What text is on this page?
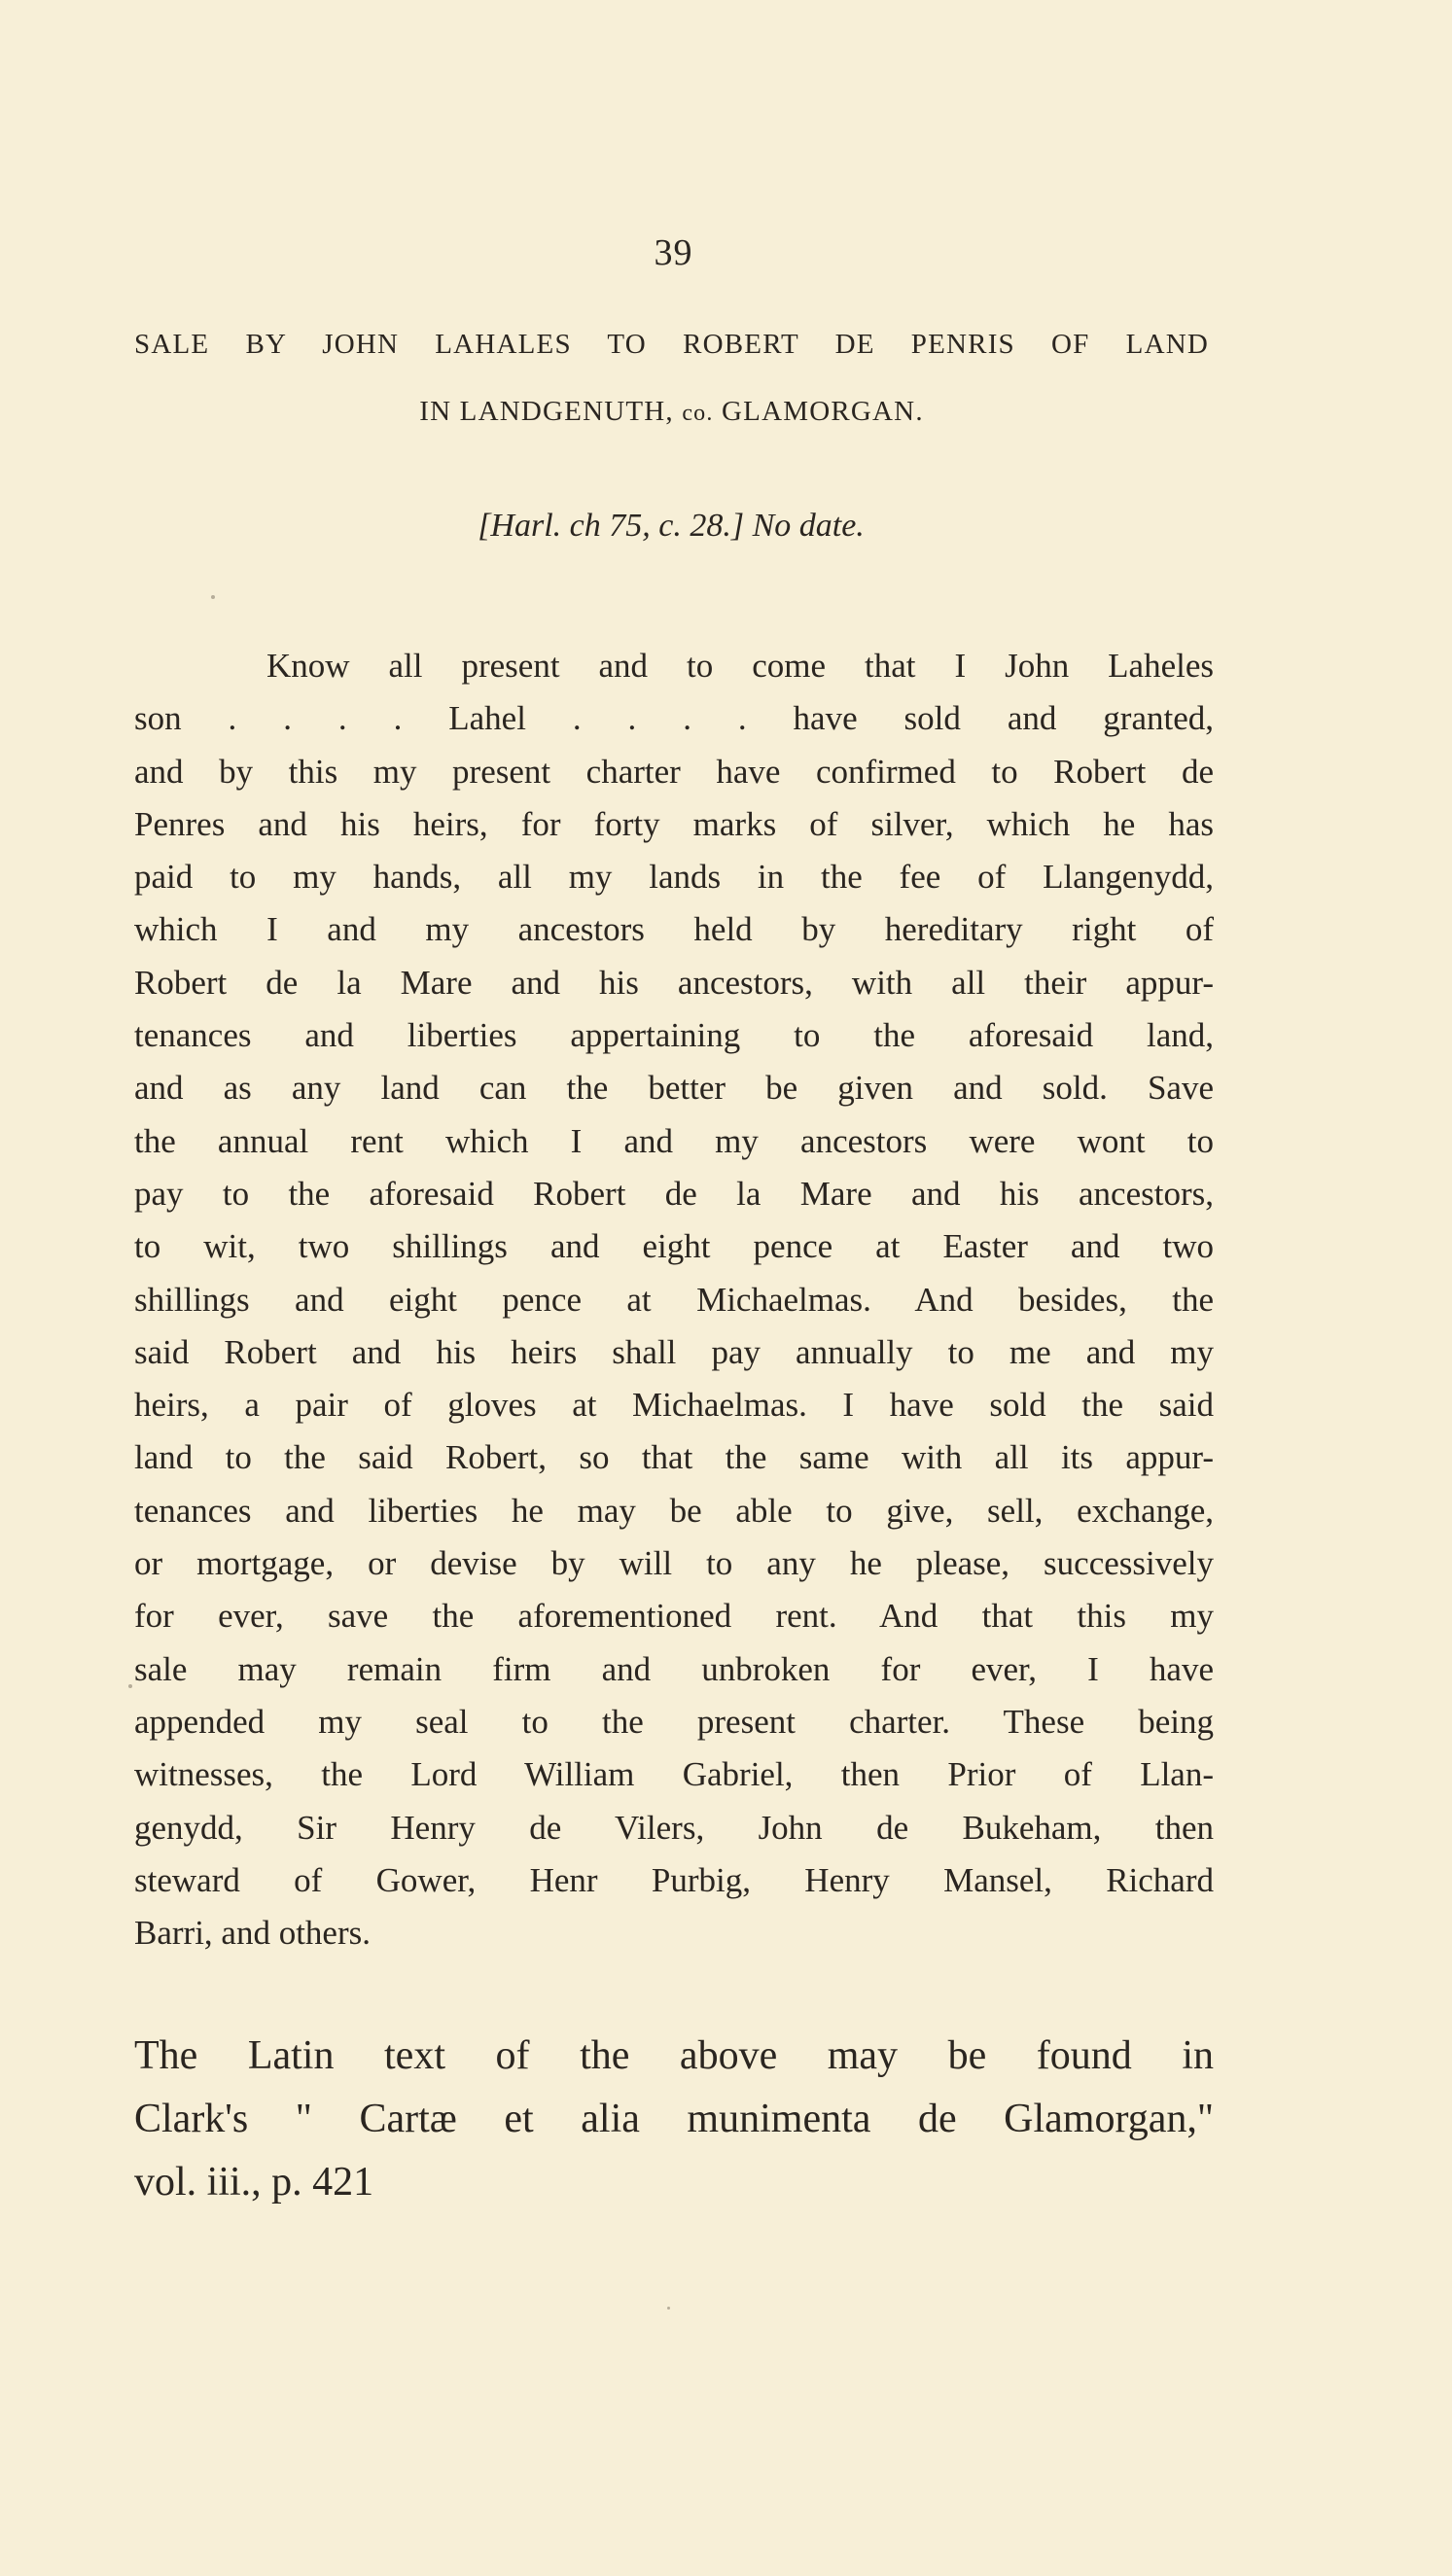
39
SALE BY JOHN LAHALES TO ROBERT DE PENRIS OF LAND
IN LANDGENUTH, co. GLAMORGAN.
[Harl. ch 75, c. 28.] No date.
Know all present and to come that I John Laheles
son . . . . Lahel . . . . have sold and granted,
and by this my present charter have confirmed to Robert de
Penres and his heirs, for forty marks of silver, which he has
paid to my hands, all my lands in the fee of Llangenydd,
which I and my ancestors held by hereditary right of
Robert de la Mare and his ancestors, with all their appur-
tenances and liberties appertaining to the aforesaid land,
and as any land can the better be given and sold. Save
the annual rent which I and my ancestors were wont to
pay to the aforesaid Robert de la Mare and his ancestors,
to wit, two shillings and eight pence at Easter and two
shillings and eight pence at Michaelmas. And besides, the
said Robert and his heirs shall pay annually to me and my
heirs, a pair of gloves at Michaelmas. I have sold the said
land to the said Robert, so that the same with all its appur-
tenances and liberties he may be able to give, sell, exchange,
or mortgage, or devise by will to any he please, successively
for ever, save the aforementioned rent. And that this my
sale may remain firm and unbroken for ever, I have
appended my seal to the present charter. These being
witnesses, the Lord William Gabriel, then Prior of Llan-
genydd, Sir Henry de Vilers, John de Bukeham, then
steward of Gower, Henr Purbig, Henry Mansel, Richard
Barri, and others.
The Latin text of the above may be found in
Clark's " Cartæ et alia munimenta de Glamorgan,"
vol. iii., p. 421
